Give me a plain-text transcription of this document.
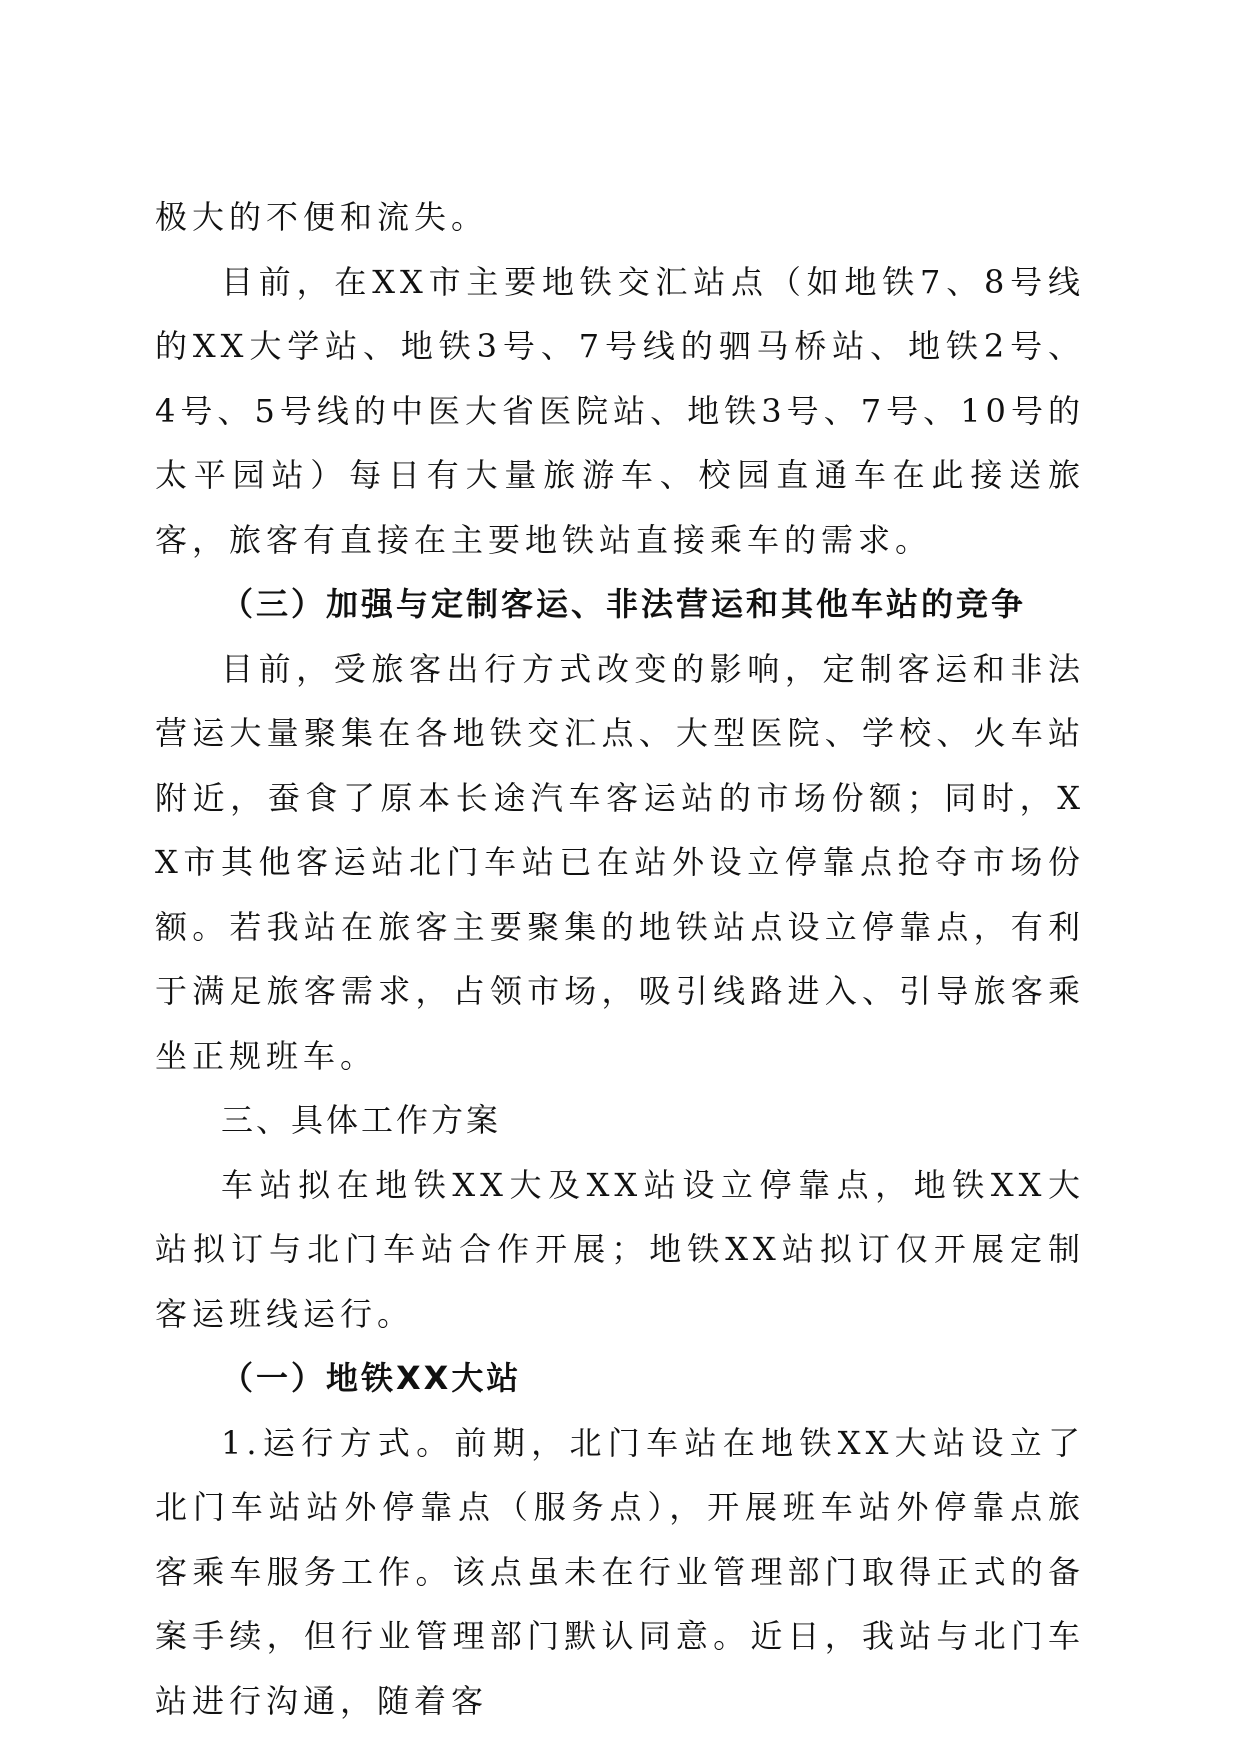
极大的不便和流失。

目前，在XX市主要地铁交汇站点（如地铁7、8号线的XX大学站、地铁3号、7号线的驷马桥站、地铁2号、4号、5号线的中医大省医院站、地铁3号、7号、10号的太平园站）每日有大量旅游车、校园直通车在此接送旅客，旅客有直接在主要地铁站直接乘车的需求。

（三）加强与定制客运、非法营运和其他车站的竞争

目前，受旅客出行方式改变的影响，定制客运和非法营运大量聚集在各地铁交汇点、大型医院、学校、火车站附近，蚕食了原本长途汽车客运站的市场份额；同时，XX市其他客运站北门车站已在站外设立停靠点抢夺市场份额。若我站在旅客主要聚集的地铁站点设立停靠点，有利于满足旅客需求，占领市场，吸引线路进入、引导旅客乘坐正规班车。

三、具体工作方案

车站拟在地铁XX大及XX站设立停靠点，地铁XX大站拟订与北门车站合作开展；地铁XX站拟订仅开展定制客运班线运行。

（一）地铁XX大站

1.运行方式。前期，北门车站在地铁XX大站设立了北门车站站外停靠点（服务点），开展班车站外停靠点旅客乘车服务工作。该点虽未在行业管理部门取得正式的备案手续，但行业管理部门默认同意。近日，我站与北门车站进行沟通，随着客
